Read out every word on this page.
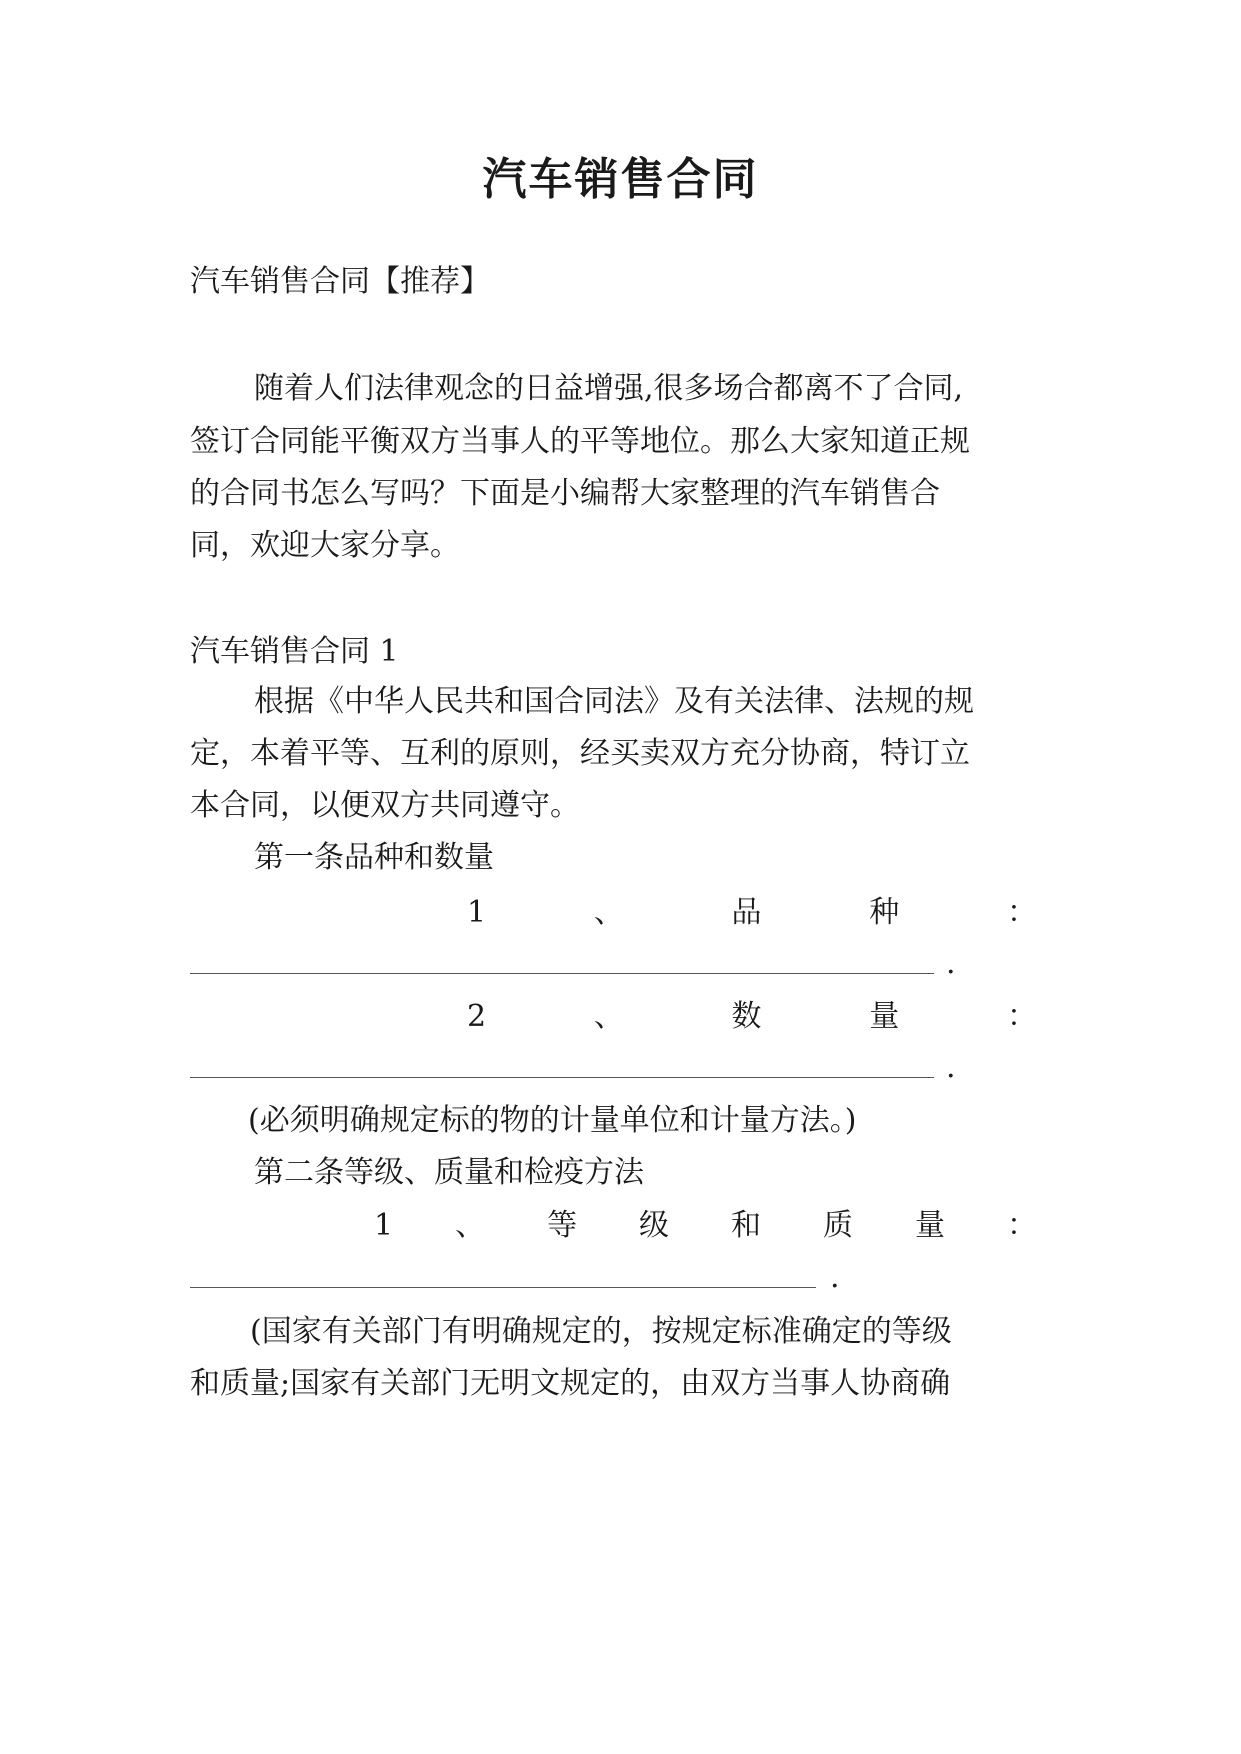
汽车销售合同
汽车销售合同【推荐】
随着人们法律观念的日益增强,很多场合都离不了合同,
签订合同能平衡双方当事人的平等地位。那么大家知道正规
的合同书怎么写吗？下面是小编帮大家整理的汽车销售合
同，欢迎大家分享。
汽车销售合同 1
根据《中华人民共和国合同法》及有关法律、法规的规
定，本着平等、互利的原则，经买卖双方充分协商，特订立
本合同，以便双方共同遵守。
第一条品种和数量
1	、	品	种	：
.
2	、	数	量	：
.
(必须明确规定标的物的计量单位和计量方法。)
第二条等级、质量和检疫方法
1 、 等 级 和 质 量 ：
.
(国家有关部门有明确规定的，按规定标准确定的等级
和质量;国家有关部门无明文规定的，由双方当事人协商确
